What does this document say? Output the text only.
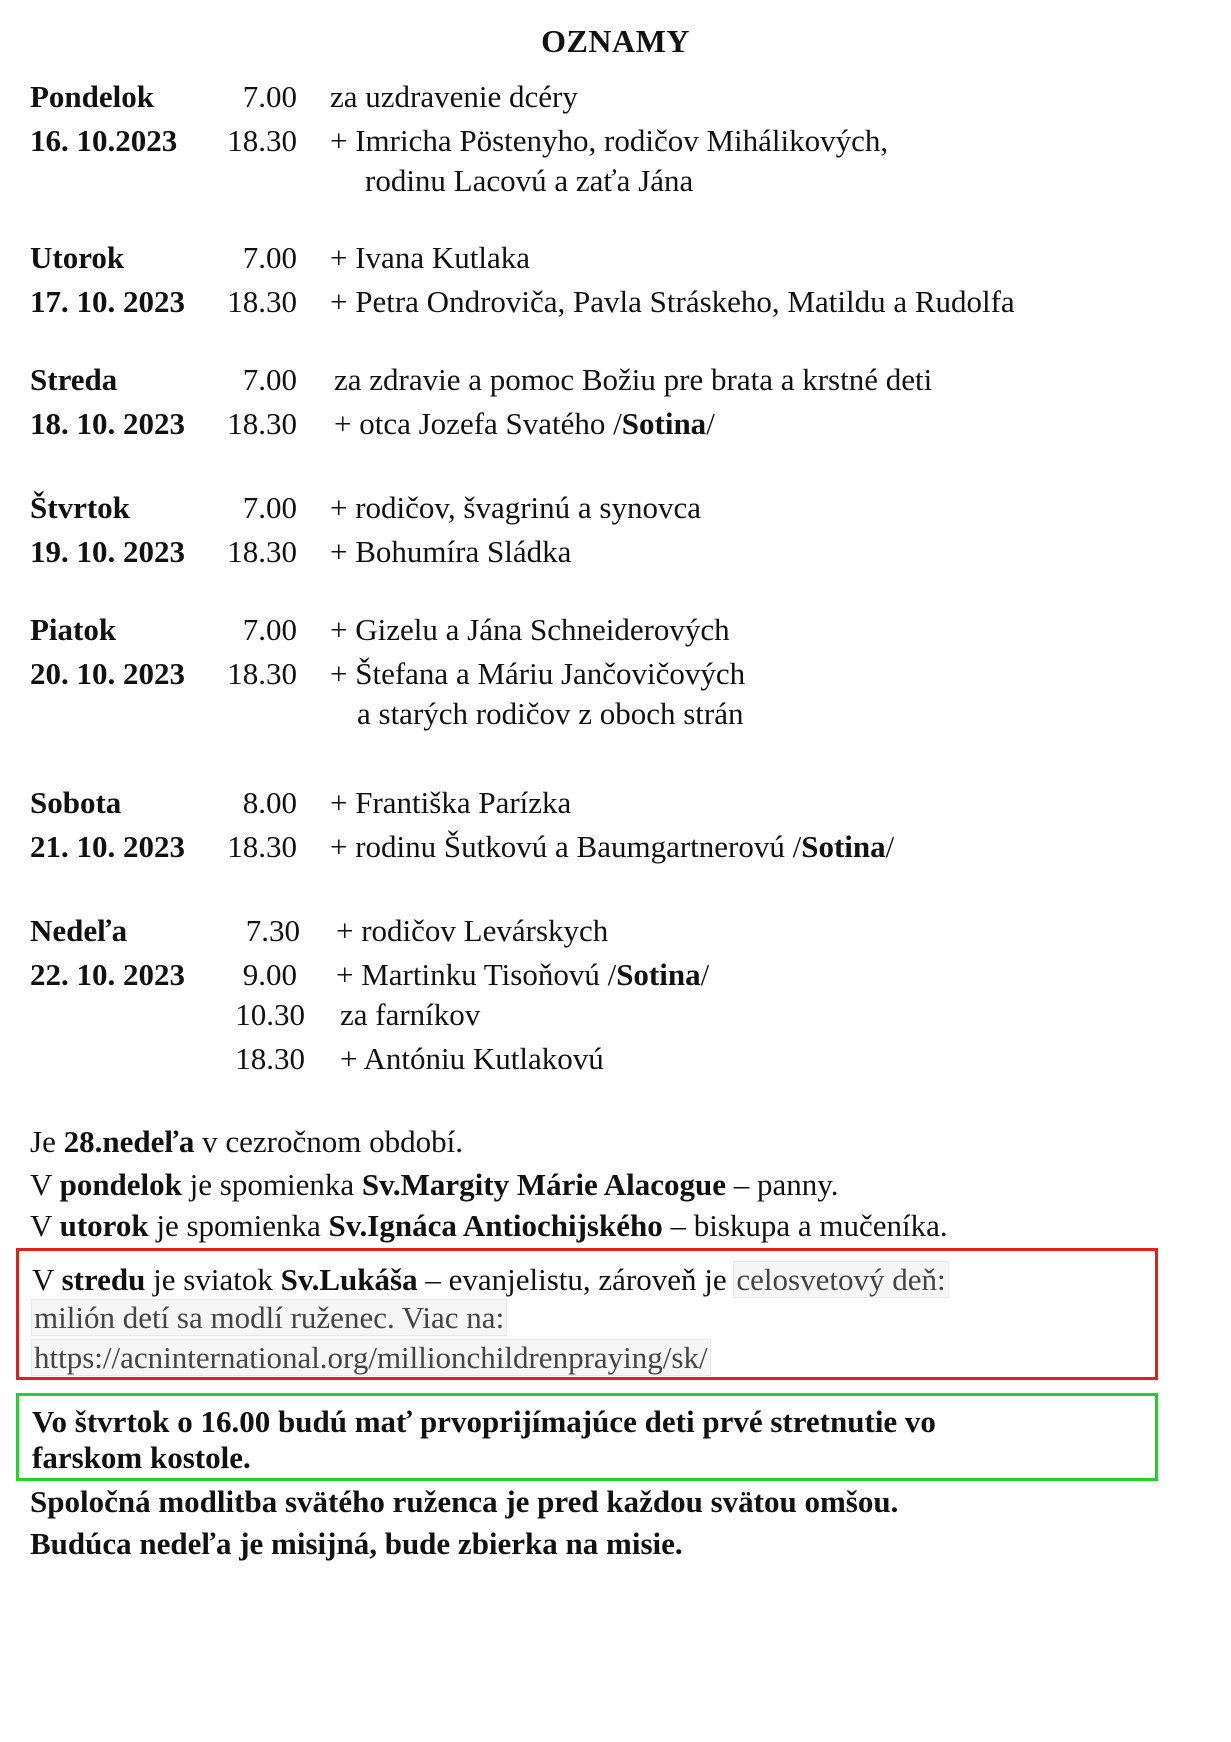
OZNAMY
Pondelok	7.00 za uzdravenie dcéry
16. 10.2023 18.30 + Imricha Pöstenyho, rodičov Mihálikových,
rodinu Lacovú a zaťa Jána
Utorok	7.00 + Ivana Kutlaka
17. 10. 2023 18.30 + Petra Ondroviča, Pavla Stráskeho, Matildu a Rudolfa
Streda	7.00 za zdravie a pomoc Božiu pre brata a krstné deti
18. 10. 2023 18.30 + otca Jozefa Svatého /Sotina/
Štvrtok	7.00 + rodičov, švagrinú a synovca
19. 10. 2023 18.30 + Bohumíra Sládka
Piatok	7.00 + Gizelu a Jána Schneiderových
20. 10. 2023 18.30 + Štefana a Máriu Jančovičových
a starých rodičov z oboch strán
Sobota	8.00 + Františka Parízka
21. 10. 2023 18.30 + rodinu Šutkovú a Baumgartnerovú /Sotina/
Nedeľa	7.30 + rodičov Levárskych
22. 10. 2023 9.00 + Martinku Tisoňovú /Sotina/
10.30 za farníkov
18.30 + Antóniu Kutlakovú
Je 28.nedeľa v cezročnom období.
V pondelok je spomienka Sv.Margity Márie Alacogue – panny.
V utorok je spomienka Sv.Ignáca Antiochijského – biskupa a mučeníka.
V stredu je sviatok Sv.Lukáša – evanjelistu, zároveň je celosvetový deň:
milión detí sa modlí ruženec. Viac na:
https://acninternational.org/millionchildrenpraying/sk/
Vo štvrtok o 16.00 budú mať prvoprijímajúce deti prvé stretnutie vo
farskom kostole.
Spoločná modlitba svätého ruženca je pred každou svätou omšou.
Budúca nedeľa je misijná, bude zbierka na misie.
